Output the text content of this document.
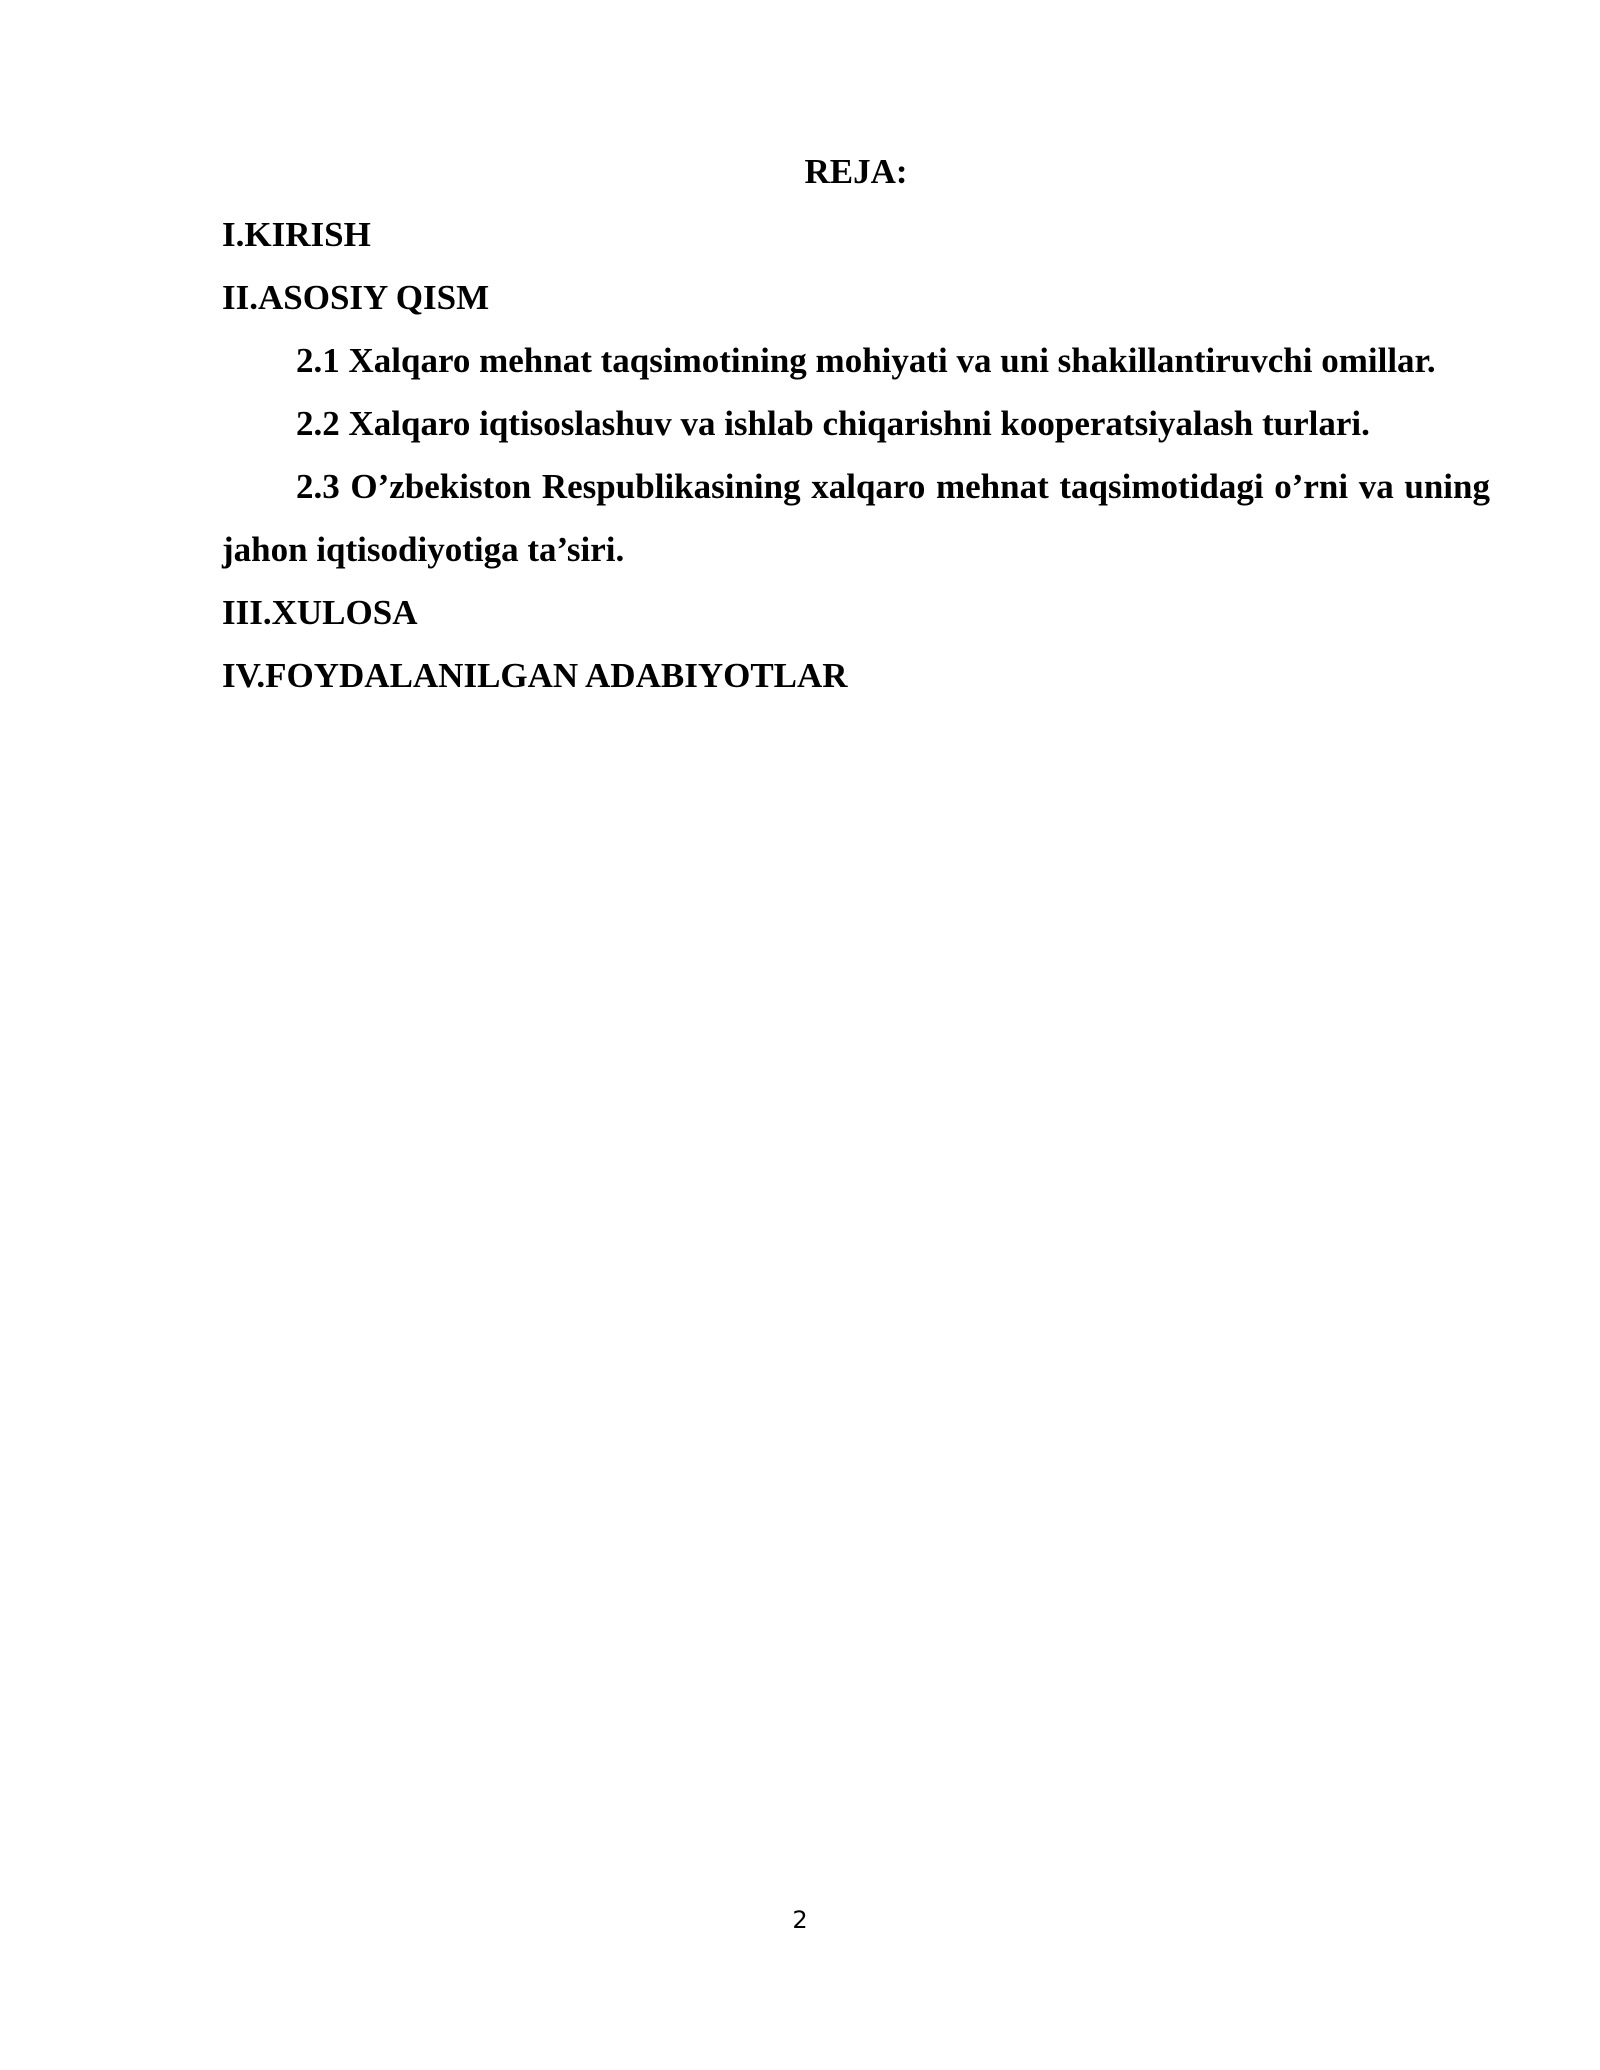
REJA:

I.KIRISH

II.ASOSIY QISM

2.1 Xalqaro mehnat taqsimotining mohiyati va uni shakillantiruvchi omillar.

2.2 Xalqaro iqtisoslashuv va ishlab chiqarishni kooperatsiyalash turlari.

2.3 O’zbekiston Respublikasining xalqaro mehnat taqsimotidagi o’rni va uning jahon iqtisodiyotiga ta’siri.

III.XULOSA

IV.FOYDALANILGAN ADABIYOTLAR

2
